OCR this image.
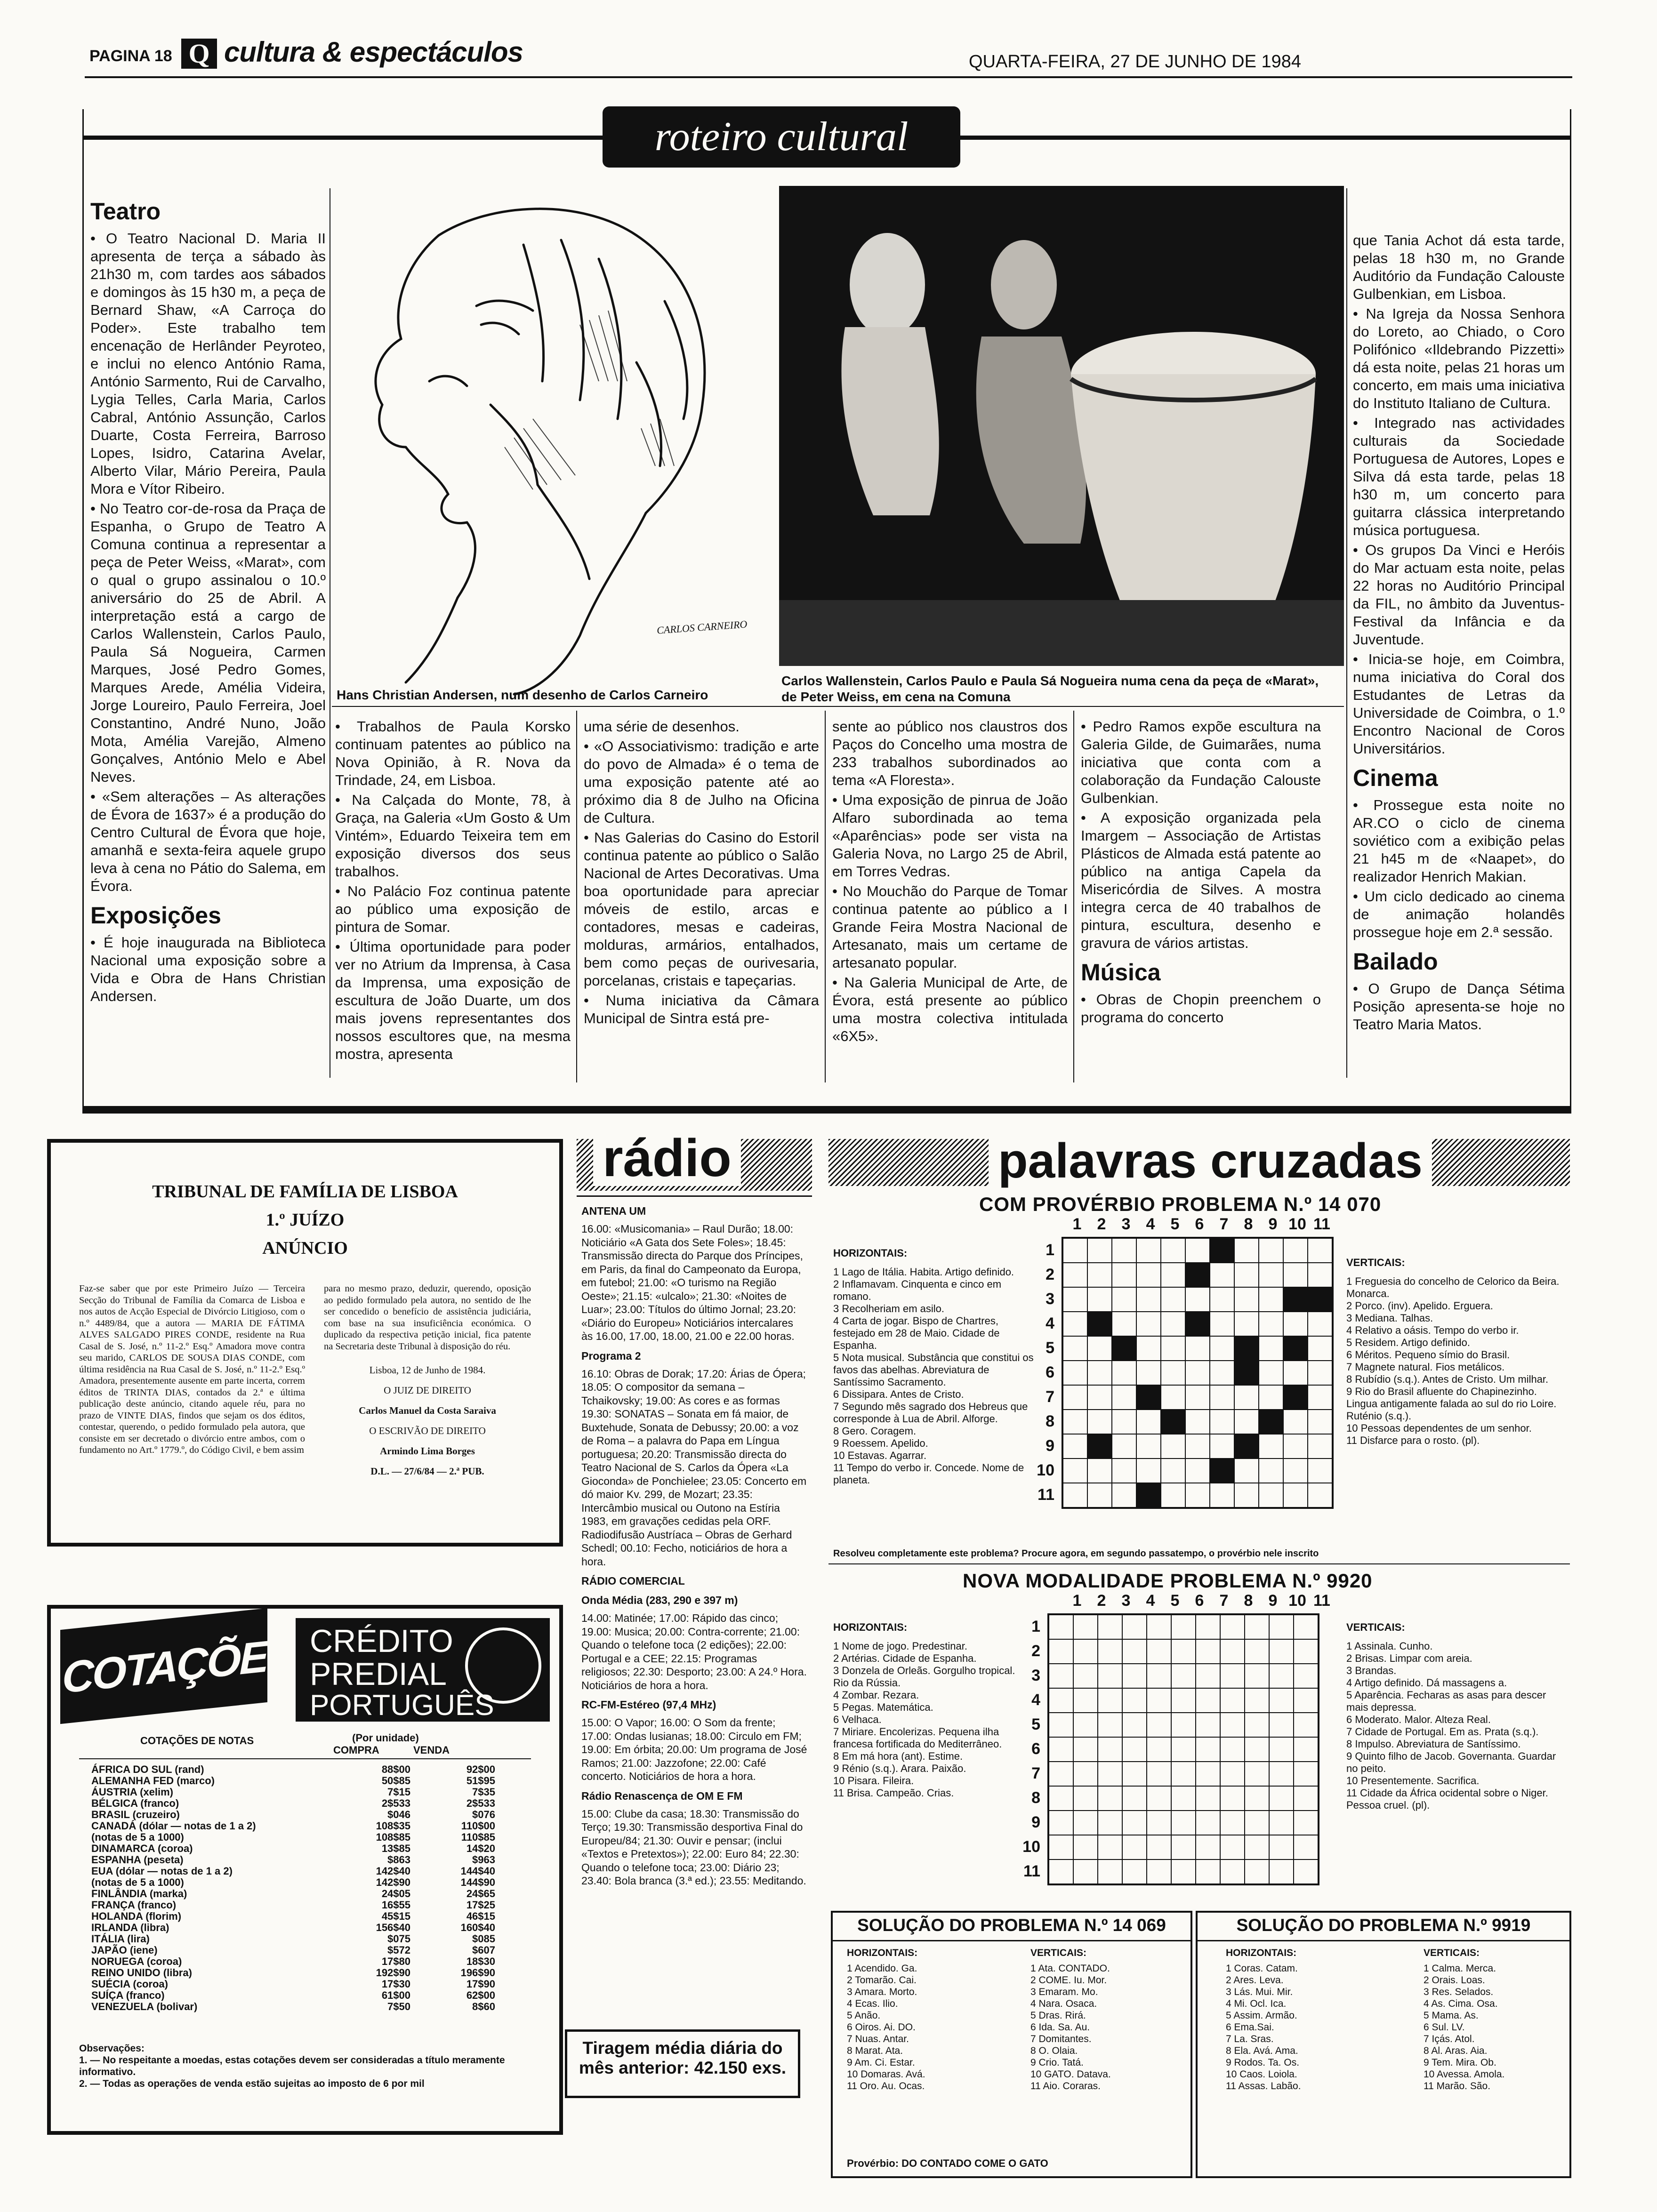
PAGINA 18 Q cultura & espectáculos	QUARTA-FEIRA, 27 DE JUNHO DE 1984
roteiro cultural
Teatro

• O Teatro Nacional D. Maria II apresenta de terça a sábado às 21h30 m, com tardes aos sábados e domingos às 15 h30 m, a peça de Bernard Shaw, «A Carroça do Poder». Este trabalho tem encenação de Herlânder Peyroteo, e inclui no elenco António Rama, António Sarmento, Rui de Carvalho, Lygia Telles, Carla Maria, Carlos Cabral, António Assunção, Carlos Duarte, Costa Ferreira, Barroso Lopes, Isidro, Catarina Avelar, Alberto Vilar, Mário Pereira, Paula Mora e Vítor Ribeiro.

• No Teatro cor-de-rosa da Praça de Espanha, o Grupo de Teatro A Comuna continua a representar a peça de Peter Weiss, «Marat», com o qual o grupo assinalou o 10.º aniversário do 25 de Abril. A interpretação está a cargo de Carlos Wallenstein, Carlos Paulo, Paula Sá Nogueira, Carmen Marques, José Pedro Gomes, Marques Arede, Amélia Videira, Jorge Loureiro, Paulo Ferreira, Joel Constantino, André Nuno, João Mota, Amélia Varejão, Almeno Gonçalves, António Melo e Abel Neves.

• «Sem alterações – As alterações de Évora de 1637» é a produção do Centro Cultural de Évora que hoje, amanhã e sexta-feira aquele grupo leva à cena no Pátio do Salema, em Évora.

Exposições

• É hoje inaugurada na Biblioteca Nacional uma exposição sobre a Vida e Obra de Hans Christian Andersen.

CARLOS CARNEIRO
Hans Christian Andersen, num desenho de Carlos Carneiro
Carlos Wallenstein, Carlos Paulo e Paula Sá Nogueira numa cena da peça de «Marat», de Peter Weiss, em cena na Comuna

• Trabalhos de Paula Korsko continuam patentes ao público na Nova Opinião, à R. Nova da Trindade, 24, em Lisboa.

• Na Calçada do Monte, 78, à Graça, na Galeria «Um Gosto & Um Vintém», Eduardo Teixeira tem em exposição diversos dos seus trabalhos.

• No Palácio Foz continua patente ao público uma exposição de pintura de Somar.

• Última oportunidade para poder ver no Atrium da Imprensa, à Casa da Imprensa, uma exposição de escultura de João Duarte, um dos mais jovens representantes dos nossos escultores que, na mesma mostra, apresenta

uma série de desenhos.

• «O Associativismo: tradição e arte do povo de Almada» é o tema de uma exposição patente até ao próximo dia 8 de Julho na Oficina de Cultura.

• Nas Galerias do Casino do Estoril continua patente ao público o Salão Nacional de Artes Decorativas. Uma boa oportunidade para apreciar móveis de estilo, arcas e contadores, mesas e cadeiras, molduras, armários, entalhados, bem como peças de ourivesaria, porcelanas, cristais e tapeçarias.

• Numa iniciativa da Câmara Municipal de Sintra está pre-

sente ao público nos claustros dos Paços do Concelho uma mostra de 233 trabalhos subordinados ao tema «A Floresta».

• Uma exposição de pinrua de João Alfaro subordinada ao tema «Aparências» pode ser vista na Galeria Nova, no Largo 25 de Abril, em Torres Vedras.

• No Mouchão do Parque de Tomar continua patente ao público a I Grande Feira Mostra Nacional de Artesanato, mais um certame de artesanato popular.

• Na Galeria Municipal de Arte, de Évora, está presente ao público uma mostra colectiva intitulada «6X5».

• Pedro Ramos expõe escultura na Galeria Gilde, de Guimarães, numa iniciativa que conta com a colaboração da Fundação Calouste Gulbenkian.

• A exposição organizada pela Imargem – Associação de Artistas Plásticos de Almada está patente ao público na antiga Capela da Misericórdia de Silves. A mostra integra cerca de 40 trabalhos de pintura, escultura, desenho e gravura de vários artistas.

Música

• Obras de Chopin preenchem o programa do concerto

que Tania Achot dá esta tarde, pelas 18 h30 m, no Grande Auditório da Fundação Calouste Gulbenkian, em Lisboa.

• Na Igreja da Nossa Senhora do Loreto, ao Chiado, o Coro Polifónico «Ildebrando Pizzetti» dá esta noite, pelas 21 horas um concerto, em mais uma iniciativa do Instituto Italiano de Cultura.

• Integrado nas actividades culturais da Sociedade Portuguesa de Autores, Lopes e Silva dá esta tarde, pelas 18 h30 m, um concerto para guitarra clássica interpretando música portuguesa.

• Os grupos Da Vinci e Heróis do Mar actuam esta noite, pelas 22 horas no Auditório Principal da FIL, no âmbito da Juventus-Festival da Infância e da Juventude.

• Inicia-se hoje, em Coimbra, numa iniciativa do Coral dos Estudantes de Letras da Universidade de Coimbra, o 1.º Encontro Nacional de Coros Universitários.

Cinema

• Prossegue esta noite no AR.CO o ciclo de cinema soviético com a exibição pelas 21 h45 m de «Naapet», do realizador Henrich Makian.

• Um ciclo dedicado ao cinema de animação holandês prossegue hoje em 2.ª sessão.

Bailado

• O Grupo de Dança Sétima Posição apresenta-se hoje no Teatro Maria Matos.

TRIBUNAL DE FAMÍLIA DE LISBOA
1.º JUÍZO
ANÚNCIO
Faz-se saber que por este Primeiro Juízo — Terceira Secção do Tribunal de Família da Comarca de Lisboa e nos autos de Acção Especial de Divórcio Litigioso, com o n.º 4489/84, que a autora — MARIA DE FÁTIMA ALVES SALGADO PIRES CONDE, residente na Rua Casal de S. José, n.º 11-2.º Esq.º Amadora move contra seu marido, CARLOS DE SOUSA DIAS CONDE, com última residência na Rua Casal de S. José, n.º 11-2.º Esq.º Amadora, presentemente ausente em parte incerta, correm éditos de TRINTA DIAS, contados da 2.ª e última publicação deste anúncio, citando aquele réu, para no prazo de VINTE DIAS, findos que sejam os dos éditos, contestar, querendo, o pedido formulado pela autora, que consiste em ser decretado o divórcio entre ambos, com o fundamento no Art.º 1779.º, do Código Civil, e bem assim
para no mesmo prazo, deduzir, querendo, oposição ao pedido formulado pela autora, no sentido de lhe ser concedido o benefício de assistência judiciária, com base na sua insuficiência económica. O duplicado da respectiva petição inicial, fica patente na Secretaria deste Tribunal à disposição do réu.
Lisboa, 12 de Junho de 1984.
O JUIZ DE DIREITO
Carlos Manuel da Costa Saraiva
O ESCRIVÃO DE DIREITO
Armindo Lima Borges
D.L. — 27/6/84 — 2.ª PUB.
COTAÇÕES CRÉDITO
PREDIAL
PORTUGUÊS
COTAÇÕES DE NOTAS	(Por unidade)
COMPRA	VENDA
ÁFRICA DO SUL (rand)	88$00	92$00
ALEMANHA FED (marco)	50$85	51$95
ÁUSTRIA (xelim)	7$15	7$35
BÉLGICA (franco)	2$533	2$533
BRASIL (cruzeiro)	$046	$076
CANADÁ (dólar — notas de 1 a 2)	108$35	110$00
(notas de 5 a 1000)	108$85	110$85
DINAMARCA (coroa)	13$85	14$20
ESPANHA (peseta)	$863	$963
EUA (dólar — notas de 1 a 2)	142$40	144$40
(notas de 5 a 1000)	142$90	144$90
FINLÂNDIA (marka)	24$05	24$65
FRANÇA (franco)	16$55	17$25
HOLANDA (florim)	45$15	46$15
IRLANDA (libra)	156$40	160$40
ITÁLIA (lira)	$075	$085
JAPÃO (iene)	$572	$607
NORUEGA (coroa)	17$80	18$30
REINO UNIDO (libra)	192$90	196$90
SUÉCIA (coroa)	17$30	17$90
SUÍÇA (franco)	61$00	62$00
VENEZUELA (bolivar)	7$50	8$60
Observações:
1. — No respeitante a moedas, estas cotações devem ser consideradas a título meramente informativo.
2. — Todas as operações de venda estão sujeitas ao imposto de 6 por mil
rádio
ANTENA UM

16.00: «Musicomania» – Raul Durão; 18.00: Noticiário «A Gata dos Sete Foles»; 18.45: Transmissão directa do Parque dos Príncipes, em Paris, da final do Campeonato da Europa, em futebol; 21.00: «O turismo na Região Oeste»; 21.15: «ulcalo»; 21.30: «Noites de Luar»; 23.00: Títulos do último Jornal; 23.20: «Diário do Europeu» Noticiários intercalares às 16.00, 17.00, 18.00, 21.00 e 22.00 horas.

Programa 2

16.10: Obras de Dorak; 17.20: Árias de Ópera; 18.05: O compositor da semana – Tchaikovsky; 19.00: As cores e as formas 19.30: SONATAS – Sonata em fá maior, de Buxtehude, Sonata de Debussy; 20.00: a voz de Roma – a palavra do Papa em Língua portuguesa; 20.20: Transmissão directa do Teatro Nacional de S. Carlos da Ópera «La Gioconda» de Ponchielee; 23.05: Concerto em dó maior Kv. 299, de Mozart; 23.35: Intercâmbio musical ou Outono na Estíria 1983, em gravações cedidas pela ORF. Radiodifusão Austríaca – Obras de Gerhard Schedl; 00.10: Fecho, noticiários de hora a hora.

RÁDIO COMERCIAL
Onda Média (283, 290 e 397 m)

14.00: Matinée; 17.00: Rápido das cinco; 19.00: Musica; 20.00: Contra-corrente; 21.00: Quando o telefone toca (2 edições); 22.00: Portugal e a CEE; 22.15: Programas religiosos; 22.30: Desporto; 23.00: A 24.º Hora. Noticiários de hora a hora.

RC-FM-Estéreo (97,4 MHz)

15.00: O Vapor; 16.00: O Som da frente; 17.00: Ondas lusianas; 18.00: Circulo em FM; 19.00: Em órbita; 20.00: Um programa de José Ramos; 21.00: Jazzofone; 22.00: Café concerto. Noticiários de hora a hora.

Rádio Renascença de OM E FM

15.00: Clube da casa; 18.30: Transmissão do Terço; 19.30: Transmissão desportiva Final do Europeu/84; 21.30: Ouvir e pensar; (inclui «Textos e Pretextos»); 22.00: Euro 84; 22.30: Quando o telefone toca; 23.00: Diário 23; 23.40: Bola branca (3.ª ed.); 23.55: Meditando.

Tiragem média diária do
mês anterior: 42.150 exs.
palavras cruzadas
COM PROVÉRBIO PROBLEMA N.º 14 070
1 2 3 4 5 6 7 8 9 10 11
1
2
3
4
5
6
7
8
9
10
11
HORIZONTAIS:

1 Lago de Itália. Habita. Artigo definido.

2 Inflamavam. Cinquenta e cinco em romano.

3 Recolheriam em asilo.

4 Carta de jogar. Bispo de Chartres, festejado em 28 de Maio. Cidade de Espanha.

5 Nota musical. Substância que constitui os favos das abelhas. Abreviatura de Santíssimo Sacramento.

6 Dissipara. Antes de Cristo.

7 Segundo mês sagrado dos Hebreus que corresponde à Lua de Abril. Alforge.

8 Gero. Coragem.

9 Roessem. Apelido.

10 Estavas. Agarrar.

11 Tempo do verbo ir. Concede. Nome de planeta.

VERTICAIS:

1 Freguesia do concelho de Celorico da Beira. Monarca.

2 Porco. (inv). Apelido. Erguera.

3 Mediana. Talhas.

4 Relativo a oásis. Tempo do verbo ir.

5 Residem. Artigo definido.

6 Méritos. Pequeno símio do Brasil.

7 Magnete natural. Fios metálicos.

8 Rubídio (s.q.). Antes de Cristo. Um milhar.

9 Rio do Brasil afluente do Chapinezinho. Lingua antigamente falada ao sul do rio Loire. Ruténio (s.q.).

10 Pessoas dependentes de um senhor.

11 Disfarce para o rosto. (pl).

Resolveu completamente este problema? Procure agora, em segundo passatempo, o provérbio nele inscrito
NOVA MODALIDADE PROBLEMA N.º 9920
1 2 3 4 5 6 7 8 9 10 11
1
2
3
4
5
6
7
8
9
10
11
HORIZONTAIS:

1 Nome de jogo. Predestinar.

2 Artérias. Cidade de Espanha.

3 Donzela de Orleãs. Gorgulho tropical. Rio da Rússia.

4 Zombar. Rezara.

5 Pegas. Matemática.

6 Velhaca.

7 Miriare. Encolerizas. Pequena ilha francesa fortificada do Mediterrâneo.

8 Em má hora (ant). Estime.

9 Rénio (s.q.). Arara. Paixão.

10 Pisara. Fileira.

11 Brisa. Campeão. Crias.

VERTICAIS:

1 Assinala. Cunho.

2 Brisas. Limpar com areia.

3 Brandas.

4 Artigo definido. Dá massagens a.

5 Aparência. Fecharas as asas para descer mais depressa.

6 Moderato. Malor. Alteza Real.

7 Cidade de Portugal. Em as. Prata (s.q.).

8 Impulso. Abreviatura de Santíssimo.

9 Quinto filho de Jacob. Governanta. Guardar no peito.

10 Presentemente. Sacrifica.

11 Cidade da África ocidental sobre o Niger. Pessoa cruel. (pl).

SOLUÇÃO DO PROBLEMA N.º 14 069
HORIZONTAIS:

1 Acendido. Ga.

2 Tomarão. Cai.

3 Amara. Morto.

4 Ecas. Ilio.

5 Anão.

6 Oiros. Ai. DO.

7 Nuas. Antar.

8 Marat. Ata.

9 Am. Ci. Estar.

10 Domaras. Avá.

11 Oro. Au. Ocas.

VERTICAIS:

1 Ata. CONTADO.

2 COME. Iu. Mor.

3 Emaram. Mo.

4 Nara. Osaca.

5 Dras. Rirá.

6 Ida. Sa. Au.

7 Domitantes.

8 O. Olaia.

9 Crio. Tatá.

10 GATO. Datava.

11 Aio. Coraras.

Provérbio: DO CONTADO COME O GATO
SOLUÇÃO DO PROBLEMA N.º 9919
HORIZONTAIS:

1 Coras. Catam.

2 Ares. Leva.

3 Lás. Mui. Mir.

4 Mi. Ocl. Ica.

5 Assim. Armão.

6 Ema.Sai.

7 La. Sras.

8 Ela. Avá. Ama.

9 Rodos. Ta. Os.

10 Caos. Loiola.

11 Assas. Labão.

VERTICAIS:

1 Calma. Merca.

2 Orais. Loas.

3 Res. Selados.

4 As. Cima. Osa.

5 Mama. As.

6 Sul. LV.

7 Içás. Atol.

8 Al. Aras. Aia.

9 Tem. Mira. Ob.

10 Avessa. Amola.

11 Marão. São.
